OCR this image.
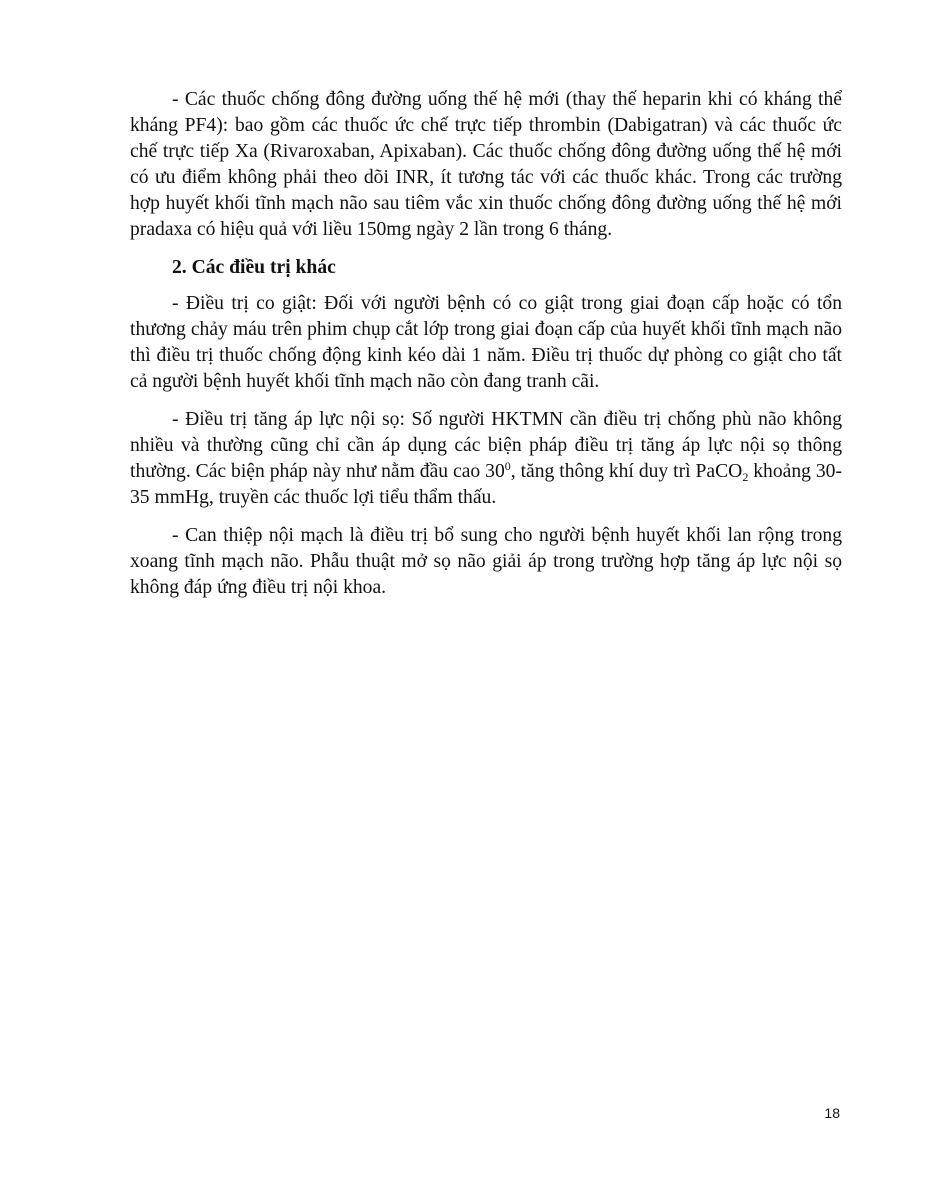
- Các thuốc chống đông đường uống thế hệ mới (thay thế heparin khi có kháng thể kháng PF4): bao gồm các thuốc ức chế trực tiếp thrombin (Dabigatran) và các thuốc ức chế trực tiếp Xa (Rivaroxaban, Apixaban). Các thuốc chống đông đường uống thế hệ mới có ưu điểm không phải theo dõi INR, ít tương tác với các thuốc khác. Trong các trường hợp huyết khối tĩnh mạch não sau tiêm vắc xin thuốc chống đông đường uống thế hệ mới pradaxa có hiệu quả với liều 150mg ngày 2 lần trong 6 tháng.

2. Các điều trị khác

- Điều trị co giật: Đối với người bệnh có co giật trong giai đoạn cấp hoặc có tổn thương chảy máu trên phim chụp cắt lớp trong giai đoạn cấp của huyết khối tĩnh mạch não thì điều trị thuốc chống động kinh kéo dài 1 năm. Điều trị thuốc dự phòng co giật cho tất cả người bệnh huyết khối tĩnh mạch não còn đang tranh cãi.

- Điều trị tăng áp lực nội sọ: Số người HKTMN cần điều trị chống phù não không nhiều và thường cũng chỉ cần áp dụng các biện pháp điều trị tăng áp lực nội sọ thông thường. Các biện pháp này như nằm đầu cao $30^0$, tăng thông khí duy trì PaCO$_2$ khoảng 30-35 mmHg, truyền các thuốc lợi tiểu thẩm thấu.

- Can thiệp nội mạch là điều trị bổ sung cho người bệnh huyết khối lan rộng trong xoang tĩnh mạch não. Phẫu thuật mở sọ não giải áp trong trường hợp tăng áp lực nội sọ không đáp ứng điều trị nội khoa.

18
